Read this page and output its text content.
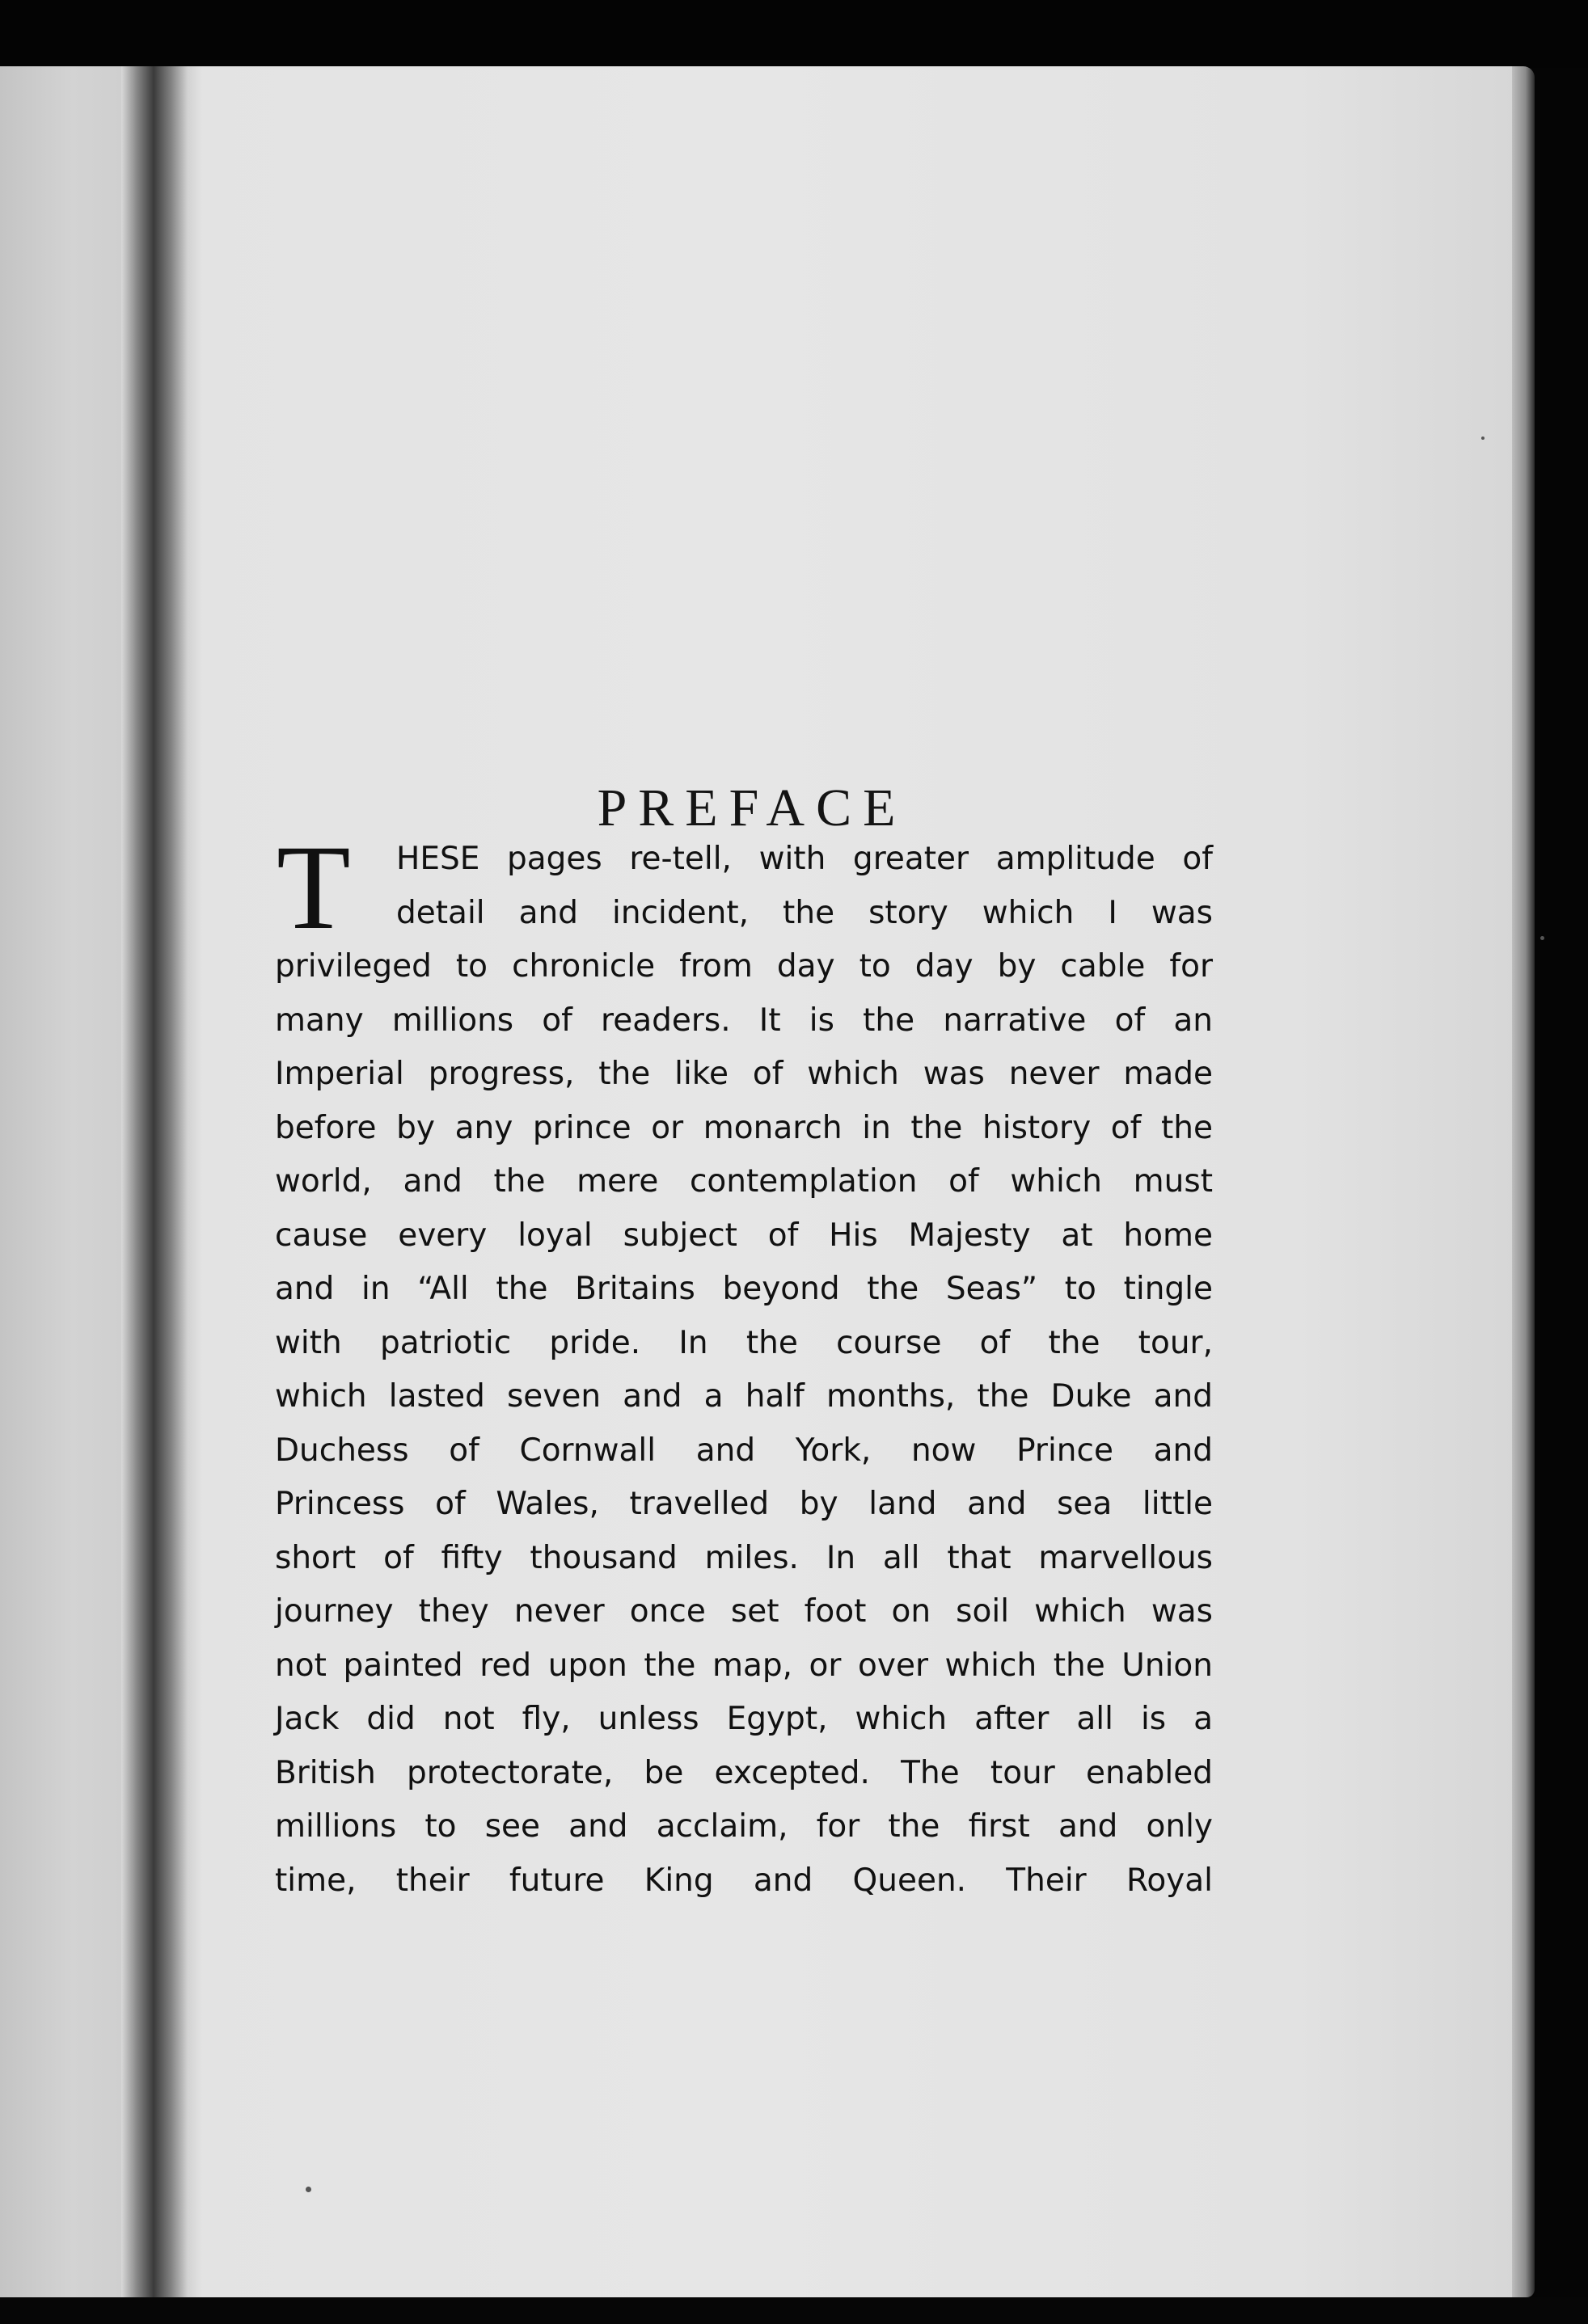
PREFACE
T	HESE pages re-tell, with greater amplitude of
detail and incident, the story which I was
privileged to chronicle from day to day by cable for
many millions of readers. It is the narrative of an
Imperial progress, the like of which was never made
before by any prince or monarch in the history of the
world, and the mere contemplation of which must
cause every loyal subject of His Majesty at home
and in “All the Britains beyond the Seas” to tingle
with patriotic pride. In the course of the tour,
which lasted seven and a half months, the Duke and
Duchess of Cornwall and York, now Prince and
Princess of Wales, travelled by land and sea little
short of fifty thousand miles. In all that marvellous
journey they never once set foot on soil which was
not painted red upon the map, or over which the Union
Jack did not fly, unless Egypt, which after all is a
British protectorate, be excepted. The tour enabled
millions to see and acclaim, for the first and only
time, their future King and Queen. Their Royal
